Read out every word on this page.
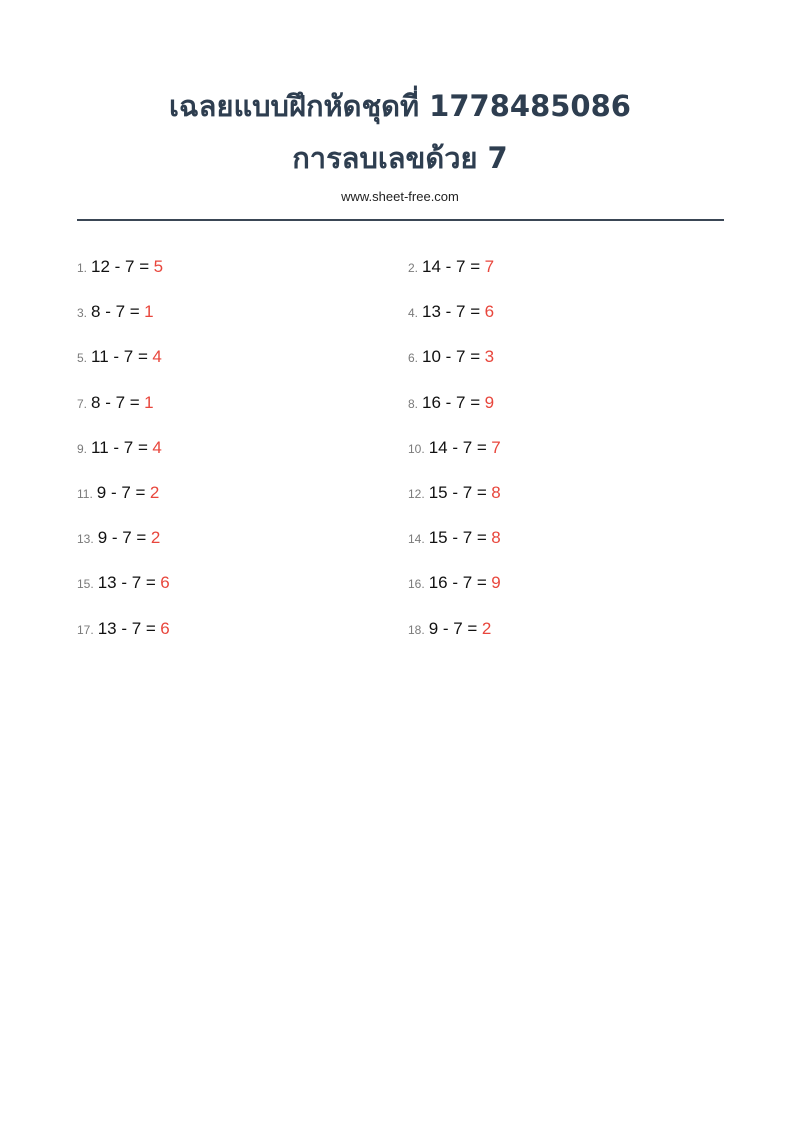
เฉลยแบบฝึกหัดชุดที่ 1778485086
การลบเลขด้วย 7
www.sheet-free.com
1. 12 - 7 = 5	2. 14 - 7 = 7
3. 8 - 7 = 1	4. 13 - 7 = 6
5. 11 - 7 = 4	6. 10 - 7 = 3
7. 8 - 7 = 1	8. 16 - 7 = 9
9. 11 - 7 = 4	10. 14 - 7 = 7
11. 9 - 7 = 2	12. 15 - 7 = 8
13. 9 - 7 = 2	14. 15 - 7 = 8
15. 13 - 7 = 6	16. 16 - 7 = 9
17. 13 - 7 = 6	18. 9 - 7 = 2
